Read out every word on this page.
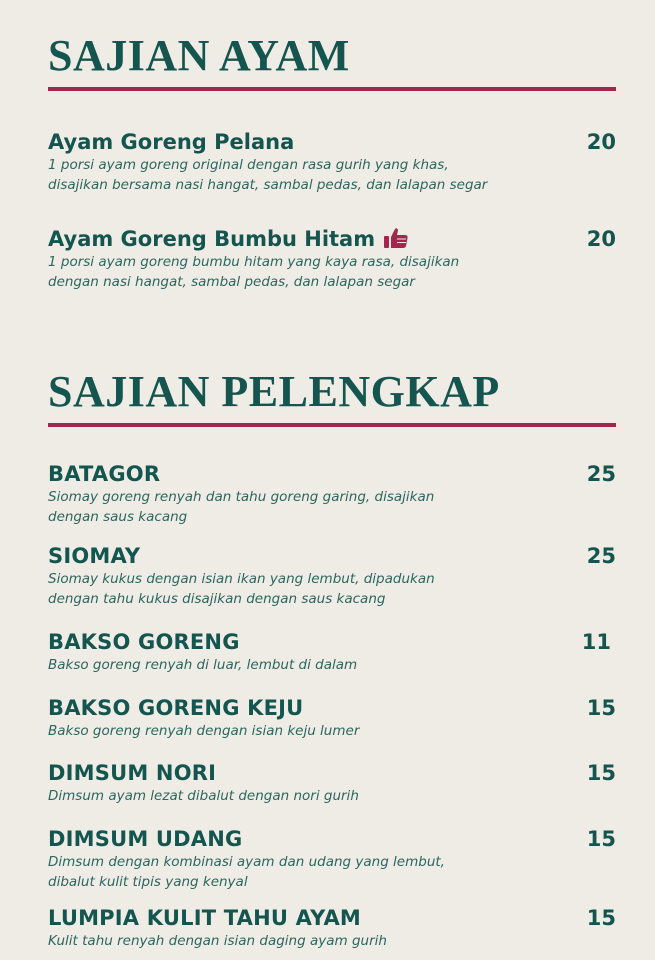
SAJIAN AYAM
Ayam Goreng Pelana	20

1 porsi ayam goreng original dengan rasa gurih yang khas,
disajikan bersama nasi hangat, sambal pedas, dan lalapan segar

Ayam Goreng Bumbu Hitam	20

1 porsi ayam goreng bumbu hitam yang kaya rasa, disajikan
dengan nasi hangat, sambal pedas, dan lalapan segar

SAJIAN PELENGKAP
BATAGOR	25

Siomay goreng renyah dan tahu goreng garing, disajikan
dengan saus kacang

SIOMAY	25

Siomay kukus dengan isian ikan yang lembut, dipadukan
dengan tahu kukus disajikan dengan saus kacang

BAKSO GORENG	11

Bakso goreng renyah di luar, lembut di dalam

BAKSO GORENG KEJU	15

Bakso goreng renyah dengan isian keju lumer

DIMSUM NORI	15

Dimsum ayam lezat dibalut dengan nori gurih

DIMSUM UDANG	15

Dimsum dengan kombinasi ayam dan udang yang lembut,
dibalut kulit tipis yang kenyal

LUMPIA KULIT TAHU AYAM	15

Kulit tahu renyah dengan isian daging ayam gurih
